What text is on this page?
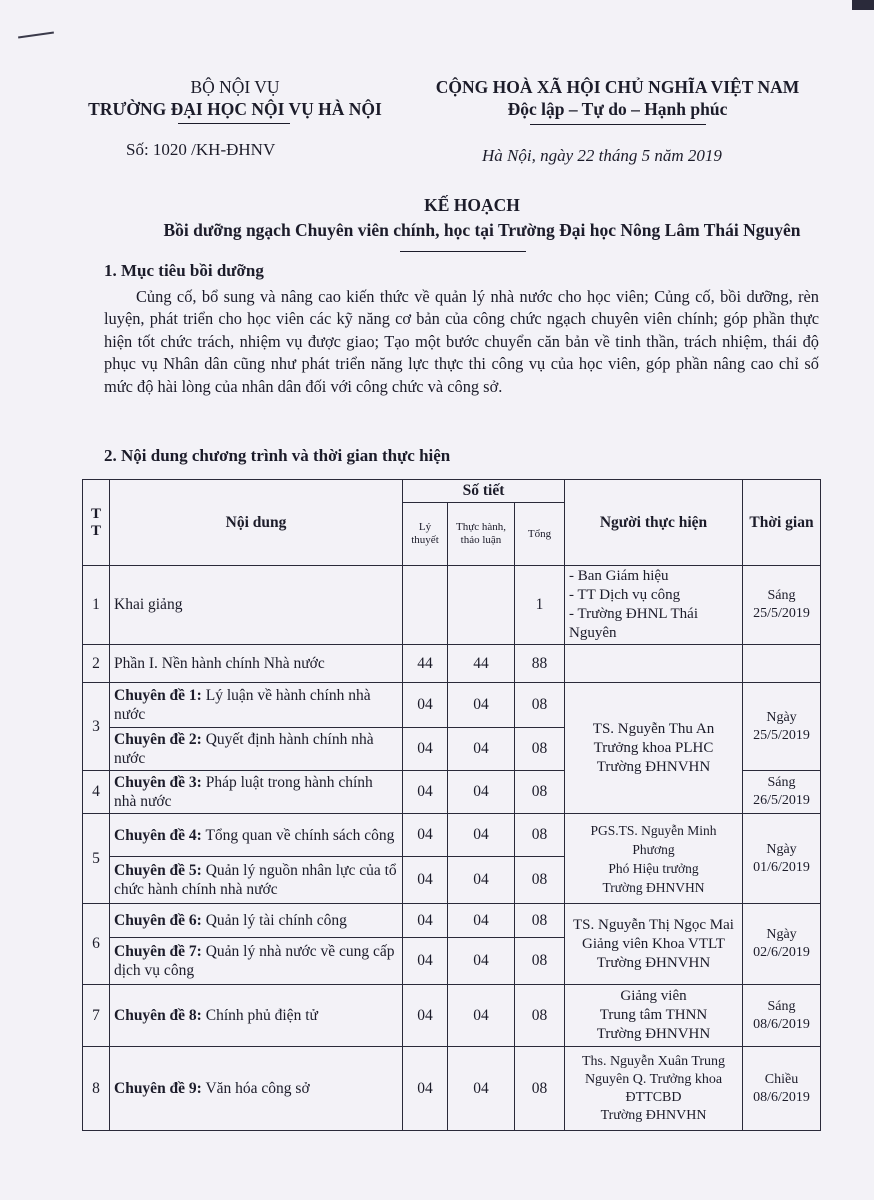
BỘ NỘI VỤ
TRƯỜNG ĐẠI HỌC NỘI VỤ HÀ NỘI
CỘNG HOÀ XÃ HỘI CHỦ NGHĨA VIỆT NAM
Độc lập – Tự do – Hạnh phúc
Số: 1020 /KH-ĐHNV	Hà Nội, ngày 22 tháng 5 năm 2019
KẾ HOẠCH
Bồi dưỡng ngạch Chuyên viên chính, học tại Trường Đại học Nông Lâm Thái Nguyên
1. Mục tiêu bồi dưỡng
Củng cố, bổ sung và nâng cao kiến thức về quản lý nhà nước cho học viên; Củng cố, bồi dưỡng, rèn luyện, phát triển cho học viên các kỹ năng cơ bản của công chức ngạch chuyên viên chính; góp phần thực hiện tốt chức trách, nhiệm vụ được giao; Tạo một bước chuyển căn bản về tinh thần, trách nhiệm, thái độ phục vụ Nhân dân cũng như phát triển năng lực thực thi công vụ của học viên, góp phần nâng cao chỉ số mức độ hài lòng của nhân dân đối với công chức và công sở.
2. Nội dung chương trình và thời gian thực hiện
T T	Nội dung	Số tiết			Người thực hiện	Thời gian
		Lý thuyết	Thực hành, thảo luận	Tổng		
1	Khai giảng			1	- Ban Giám hiệu
- TT Dịch vụ công
- Trường ĐHNL Thái Nguyên	Sáng 25/5/2019
2	Phần I. Nền hành chính Nhà nước	44	44	88		
3	Chuyên đề 1: Lý luận về hành chính nhà nước	04	04	08	TS. Nguyễn Thu An
Trưởng khoa PLHC
Trường ĐHNVHN	Ngày 25/5/2019
	Chuyên đề 2: Quyết định hành chính nhà nước	04	04	08		
4	Chuyên đề 3: Pháp luật trong hành chính nhà nước	04	04	08		Sáng 26/5/2019
5	Chuyên đề 4: Tổng quan về chính sách công	04	04	08	PGS.TS. Nguyễn Minh Phương
Phó Hiệu trưởng
Trường ĐHNVHN	Ngày 01/6/2019
	Chuyên đề 5: Quản lý nguồn nhân lực của tổ chức hành chính nhà nước	04	04	08		
6	Chuyên đề 6: Quản lý tài chính công	04	04	08	TS. Nguyễn Thị Ngọc Mai
Giảng viên Khoa VTLT
Trường ĐHNVHN	Ngày 02/6/2019
	Chuyên đề 7: Quản lý nhà nước về cung cấp dịch vụ công	04	04	08		
7	Chuyên đề 8: Chính phủ điện tử	04	04	08	Giảng viên
Trung tâm THNN
Trường ĐHNVHN	Sáng 08/6/2019
8	Chuyên đề 9: Văn hóa công sở	04	04	08	Ths. Nguyễn Xuân Trung
Nguyên Q. Trưởng khoa
ĐTTCBD
Trường ĐHNVHN	Chiều 08/6/2019
